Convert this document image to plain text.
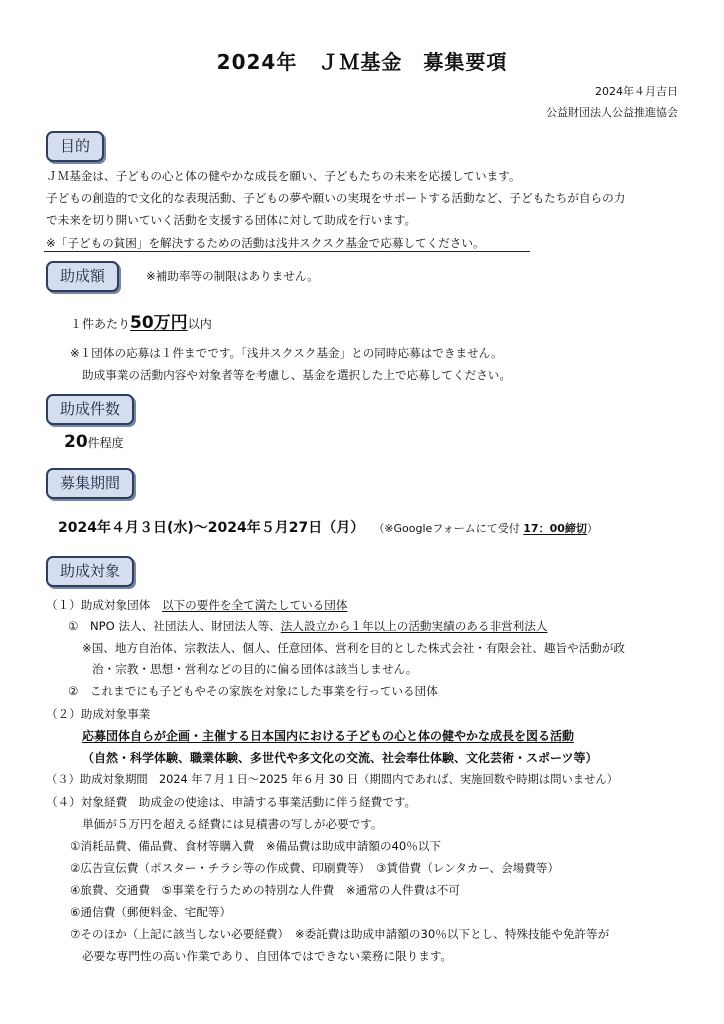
2024年　ＪＭ基金　募集要項
2024年４月吉日
公益財団法人公益推進協会
目的
ＪＭ基金は、子どもの心と体の健やかな成長を願い、子どもたちの未来を応援しています。
子どもの創造的で文化的な表現活動、子どもの夢や願いの実現をサポートする活動など、子どもたちが自らの力
で未来を切り開いていく活動を支援する団体に対して助成を行います。
※「子どもの貧困」を解決するための活動は浅井スクスク基金で応募してください。
助成額	※補助率等の制限はありません。
１件あたり50万円以内
※１団体の応募は１件までです。「浅井スクスク基金」との同時応募はできません。
助成事業の活動内容や対象者等を考慮し、基金を選択した上で応募してください。
助成件数
20件程度
募集期間
2024年４月３日(水)～2024年５月27日（月） （※Googleフォームにて受付 17：00締切）
助成対象
（１）助成対象団体　以下の要件を全て満たしている団体
①　NPO 法人、社団法人、財団法人等、法人設立から１年以上の活動実績のある非営利法人
※国、地方自治体、宗教法人、個人、任意団体、営利を目的とした株式会社・有限会社、趣旨や活動が政
治・宗教・思想・営利などの目的に偏る団体は該当しません。
②　これまでにも子どもやその家族を対象にした事業を行っている団体
（２）助成対象事業
応募団体自らが企画・主催する日本国内における子どもの心と体の健やかな成長を図る活動
（自然・科学体験、職業体験、多世代や多文化の交流、社会奉仕体験、文化芸術・スポーツ等）
（３）助成対象期間　2024 年７月１日～2025 年６月 30 日（期間内であれば、実施回数や時期は問いません）
（４）対象経費　助成金の使途は、申請する事業活動に伴う経費です。
単価が５万円を超える経費には見積書の写しが必要です。
①消耗品費、備品費、食材等購入費　※備品費は助成申請額の40％以下
②広告宣伝費（ポスター・チラシ等の作成費、印刷費等）　③賃借費（レンタカー、会場費等）
④旅費、交通費　⑤事業を行うための特別な人件費　※通常の人件費は不可
⑥通信費（郵便料金、宅配等）
⑦そのほか（上記に該当しない必要経費）　※委託費は助成申請額の30％以下とし、特殊技能や免許等が
必要な専門性の高い作業であり、自団体ではできない業務に限ります。
